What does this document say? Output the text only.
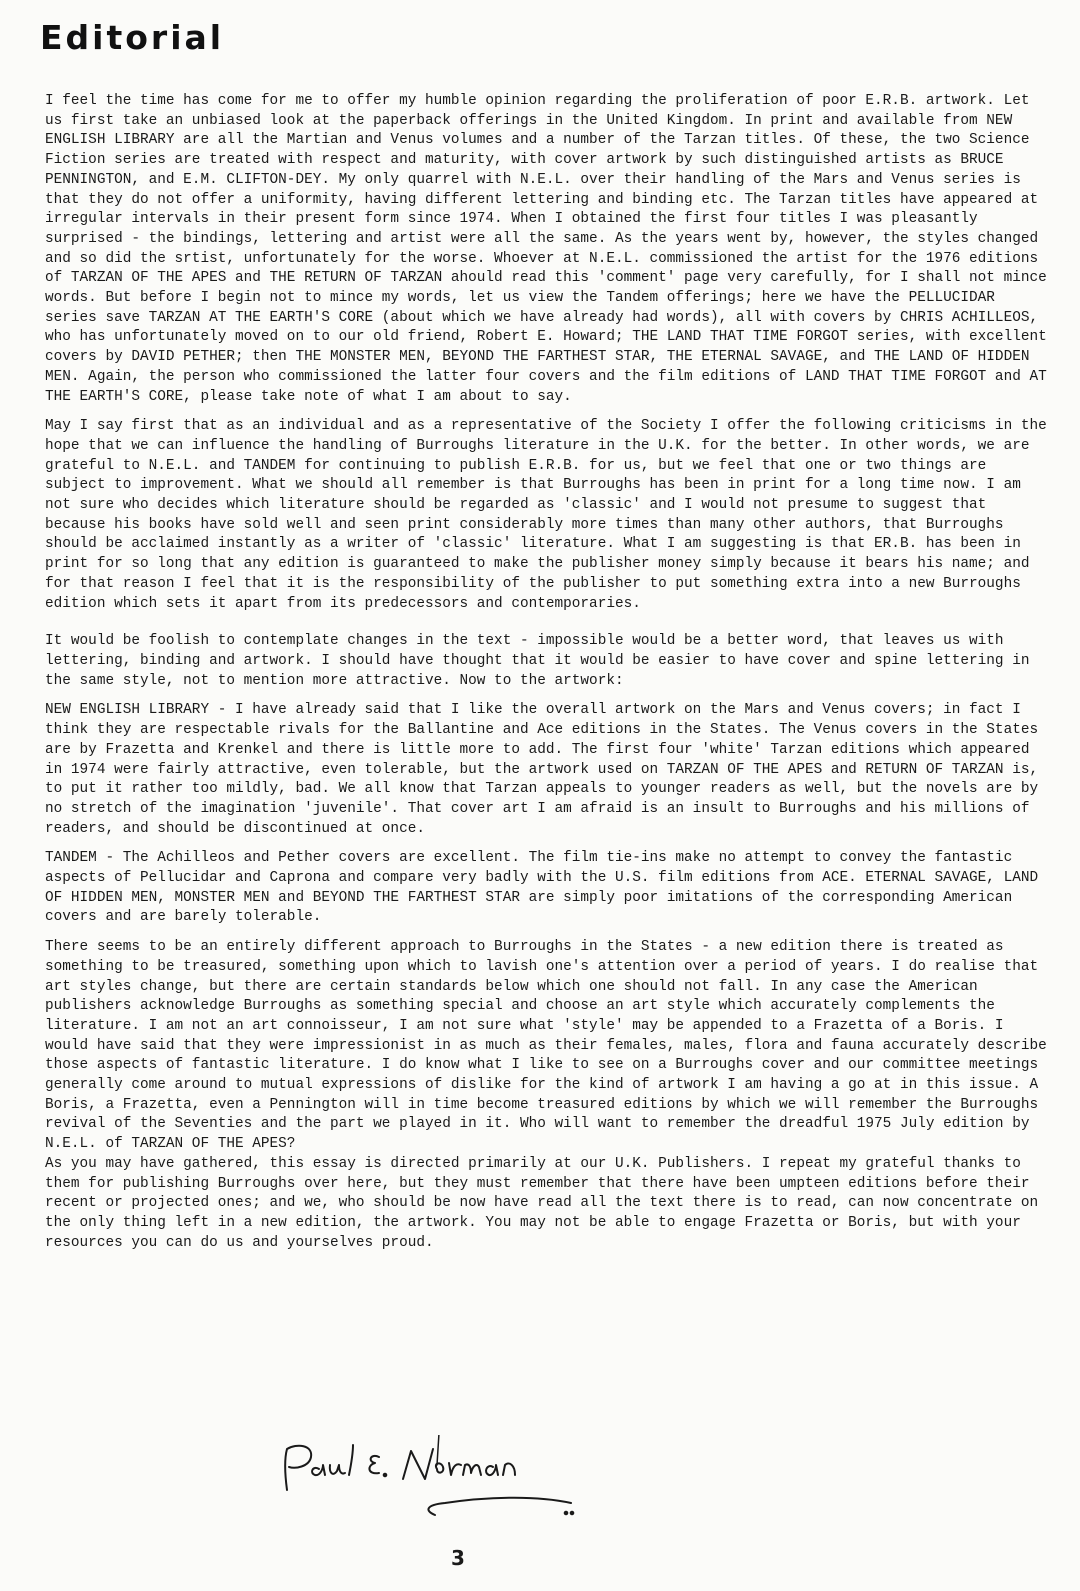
Editorial

I feel the time has come for me to offer my humble opinion regarding the proliferation of poor E.R.B. artwork. Let us first take an unbiased look at the paperback offerings in the United Kingdom. In print and available from NEW ENGLISH LIBRARY are all the Martian and Venus volumes and a number of the Tarzan titles. Of these, the two Science Fiction series are treated with respect and maturity, with cover artwork by such distinguished artists as BRUCE PENNINGTON, and E.M. CLIFTON-DEY. My only quarrel with N.E.L. over their handling of the Mars and Venus series is that they do not offer a uniformity, having different lettering and binding etc. The Tarzan titles have appeared at irregular intervals in their present form since 1974. When I obtained the first four titles I was pleasantly surprised - the bindings, lettering and artist were all the same. As the years went by, however, the styles changed and so did the srtist, unfortunately for the worse. Whoever at N.E.L. commissioned the artist for the 1976 editions of TARZAN OF THE APES and THE RETURN OF TARZAN ahould read this 'comment' page very carefully, for I shall not mince words. But before I begin not to mince my words, let us view the Tandem offerings; here we have the PELLUCIDAR series save TARZAN AT THE EARTH'S CORE (about which we have already had words), all with covers by CHRIS ACHILLEOS, who has unfortunately moved on to our old friend, Robert E. Howard; THE LAND THAT TIME FORGOT series, with excellent covers by DAVID PETHER; then THE MONSTER MEN, BEYOND THE FARTHEST STAR, THE ETERNAL SAVAGE, and THE LAND OF HIDDEN MEN. Again, the person who commissioned the latter four covers and the film editions of LAND THAT TIME FORGOT and AT THE EARTH'S CORE, please take note of what I am about to say.

May I say first that as an individual and as a representative of the Society I offer the following criticisms in the hope that we can influence the handling of Burroughs literature in the U.K. for the better. In other words, we are grateful to N.E.L. and TANDEM for continuing to publish E.R.B. for us, but we feel that one or two things are subject to improvement. What we should all remember is that Burroughs has been in print for a long time now. I am not sure who decides which literature should be regarded as 'classic' and I would not presume to suggest that because his books have sold well and seen print considerably more times than many other authors, that Burroughs should be acclaimed instantly as a writer of 'classic' literature. What I am suggesting is that ER.B. has been in print for so long that any edition is guaranteed to make the publisher money simply because it bears his name; and for that reason I feel that it is the responsibility of the publisher to put something extra into a new Burroughs edition which sets it apart from its predecessors and contemporaries.

It would be foolish to contemplate changes in the text - impossible would be a better word, that leaves us with lettering, binding and artwork. I should have thought that it would be easier to have cover and spine lettering in the same style, not to mention more attractive. Now to the artwork:

NEW ENGLISH LIBRARY - I have already said that I like the overall artwork on the Mars and Venus covers; in fact I think they are respectable rivals for the Ballantine and Ace editions in the States. The Venus covers in the States are by Frazetta and Krenkel and there is little more to add. The first four 'white' Tarzan editions which appeared in 1974 were fairly attractive, even tolerable, but the artwork used on TARZAN OF THE APES and RETURN OF TARZAN is, to put it rather too mildly, bad. We all know that Tarzan appeals to younger readers as well, but the novels are by no stretch of the imagination 'juvenile'. That cover art I am afraid is an insult to Burroughs and his millions of readers, and should be discontinued at once.

TANDEM - The Achilleos and Pether covers are excellent. The film tie-ins make no attempt to convey the fantastic aspects of Pellucidar and Caprona and compare very badly with the U.S. film editions from ACE. ETERNAL SAVAGE, LAND OF HIDDEN MEN, MONSTER MEN and BEYOND THE FARTHEST STAR are simply poor imitations of the corresponding American covers and are barely tolerable.

There seems to be an entirely different approach to Burroughs in the States - a new edition there is treated as something to be treasured, something upon which to lavish one's attention over a period of years. I do realise that art styles change, but there are certain standards below which one should not fall. In any case the American publishers acknowledge Burroughs as something special and choose an art style which accurately complements the literature. I am not an art connoisseur, I am not sure what 'style' may be appended to a Frazetta of a Boris. I would have said that they were impressionist in as much as their females, males, flora and fauna accurately describe those aspects of fantastic literature. I do know what I like to see on a Burroughs cover and our committee meetings generally come around to mutual expressions of dislike for the kind of artwork I am having a go at in this issue. A Boris, a Frazetta, even a Pennington will in time become treasured editions by which we will remember the Burroughs revival of the Seventies and the part we played in it. Who will want to remember the dreadful 1975 July edition by N.E.L. of TARZAN OF THE APES?

As you may have gathered, this essay is directed primarily at our U.K. Publishers. I repeat my grateful thanks to them for publishing Burroughs over here, but they must remember that there have been umpteen editions before their recent or projected ones; and we, who should be now have read all the text there is to read, can now concentrate on the only thing left in a new edition, the artwork. You may not be able to engage Frazetta or Boris, but with your resources you can do us and yourselves proud.

3
